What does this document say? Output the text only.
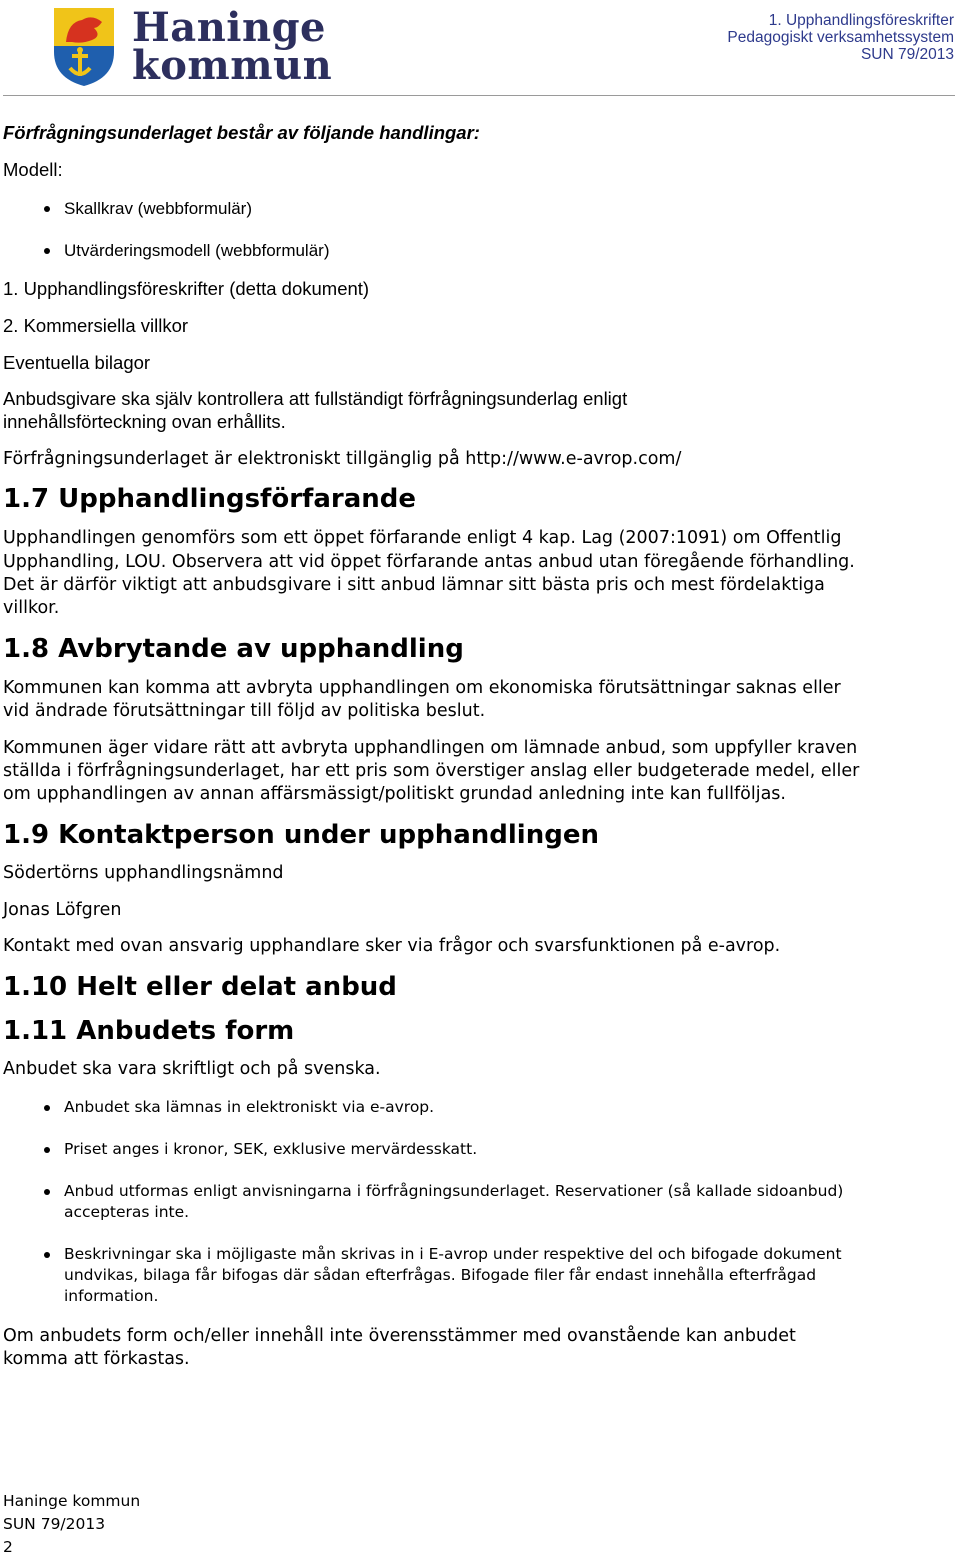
Haninge
kommun
1. Upphandlingsföreskrifter
Pedagogiskt verksamhetssystem
SUN 79/2013
Förfrågningsunderlaget består av följande handlingar:
Modell:
Skallkrav (webbformulär)
Utvärderingsmodell (webbformulär)
1. Upphandlingsföreskrifter (detta dokument)
2. Kommersiella villkor
Eventuella bilagor
Anbudsgivare ska själv kontrollera att fullständigt förfrågningsunderlag enligt
innehållsförteckning ovan erhållits.
Förfrågningsunderlaget är elektroniskt tillgänglig på http://www.e-avrop.com/
1.7 Upphandlingsförfarande
Upphandlingen genomförs som ett öppet förfarande enligt 4 kap. Lag (2007:1091) om Offentlig
Upphandling, LOU. Observera att vid öppet förfarande antas anbud utan föregående förhandling.
Det är därför viktigt att anbudsgivare i sitt anbud lämnar sitt bästa pris och mest fördelaktiga
villkor.
1.8 Avbrytande av upphandling
Kommunen kan komma att avbryta upphandlingen om ekonomiska förutsättningar saknas eller
vid ändrade förutsättningar till följd av politiska beslut.
Kommunen äger vidare rätt att avbryta upphandlingen om lämnade anbud, som uppfyller kraven
ställda i förfrågningsunderlaget, har ett pris som överstiger anslag eller budgeterade medel, eller
om upphandlingen av annan affärsmässigt/politiskt grundad anledning inte kan fullföljas.
1.9 Kontaktperson under upphandlingen
Södertörns upphandlingsnämnd
Jonas Löfgren
Kontakt med ovan ansvarig upphandlare sker via frågor och svarsfunktionen på e-avrop.
1.10 Helt eller delat anbud
1.11 Anbudets form
Anbudet ska vara skriftligt och på svenska.
Anbudet ska lämnas in elektroniskt via e-avrop.
Priset anges i kronor, SEK, exklusive mervärdesskatt.
Anbud utformas enligt anvisningarna i förfrågningsunderlaget. Reservationer (så kallade sidoanbud)
accepteras inte.
Beskrivningar ska i möjligaste mån skrivas in i E-avrop under respektive del och bifogade dokument
undvikas, bilaga får bifogas där sådan efterfrågas. Bifogade filer får endast innehålla efterfrågad
information.
Om anbudets form och/eller innehåll inte överensstämmer med ovanstående kan anbudet
komma att förkastas.
Haninge kommun
SUN 79/2013
2
